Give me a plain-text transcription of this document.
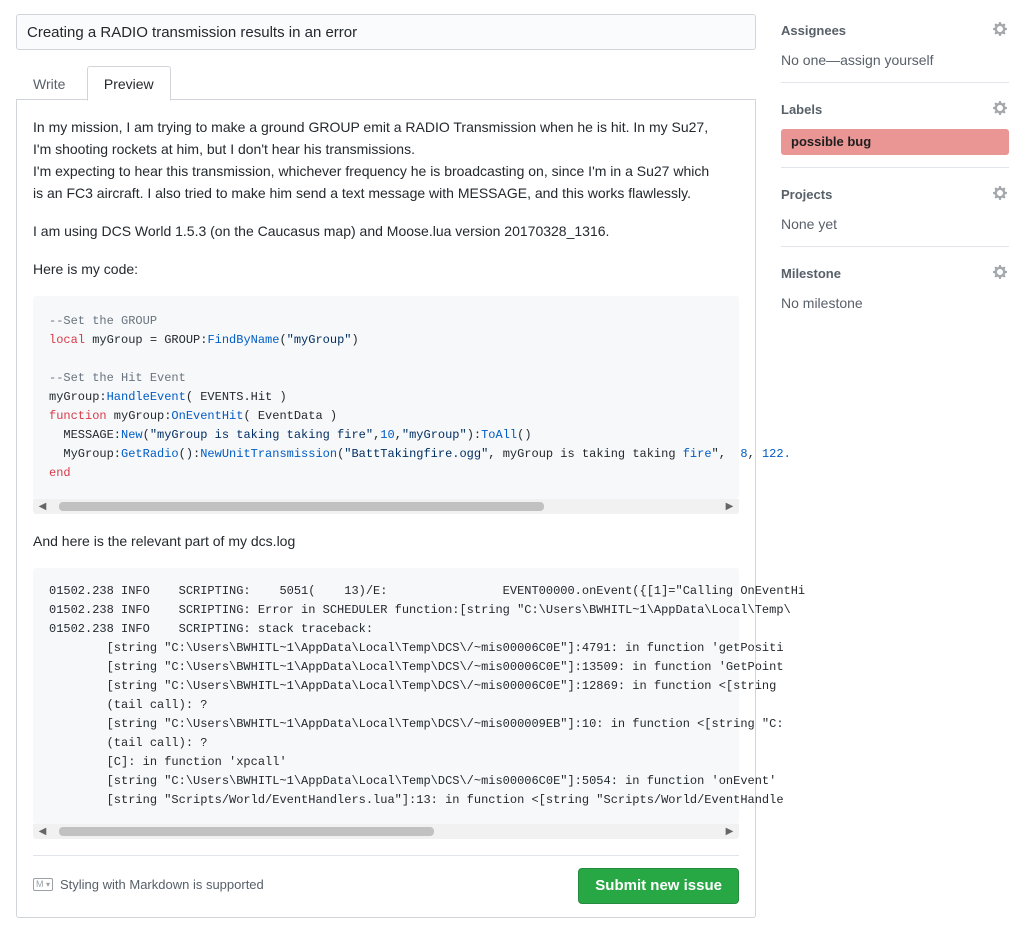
Creating a RADIO transmission results in an error
Write	Preview

In my mission, I am trying to make a ground GROUP emit a RADIO Transmission when he is hit. In my Su27,
I'm shooting rockets at him, but I don't hear his transmissions.
I'm expecting to hear this transmission, whichever frequency he is broadcasting on, since I'm in a Su27 which
is an FC3 aircraft. I also tried to make him send a text message with MESSAGE, and this works flawlessly.

I am using DCS World 1.5.3 (on the Caucasus map) and Moose.lua version 20170328_1316.

Here is my code:

--Set the GROUP
local myGroup = GROUP:FindByName("myGroup")

--Set the Hit Event
myGroup:HandleEvent( EVENTS.Hit )
function myGroup:OnEventHit( EventData )
MESSAGE:New("myGroup is taking taking fire",10,"myGroup"):ToAll()
MyGroup:GetRadio():NewUnitTransmission("BattTakingfire.ogg", myGroup is taking taking fire",  8, 122.
end
◀	▶

And here is the relevant part of my dcs.log

01502.238 INFO    SCRIPTING:    5051(    13)/E:                EVENT00000.onEvent({[1]="Calling OnEventHi
01502.238 INFO    SCRIPTING: Error in SCHEDULER function:[string "C:\Users\BWHITL~1\AppData\Local\Temp\
01502.238 INFO    SCRIPTING: stack traceback:
[string "C:\Users\BWHITL~1\AppData\Local\Temp\DCS\/~mis00006C0E"]:4791: in function 'getPositi
[string "C:\Users\BWHITL~1\AppData\Local\Temp\DCS\/~mis00006C0E"]:13509: in function 'GetPoint
[string "C:\Users\BWHITL~1\AppData\Local\Temp\DCS\/~mis00006C0E"]:12869: in function <[string
(tail call): ?
[string "C:\Users\BWHITL~1\AppData\Local\Temp\DCS\/~mis000009EB"]:10: in function <[string "C:
(tail call): ?
[C]: in function 'xpcall'
[string "C:\Users\BWHITL~1\AppData\Local\Temp\DCS\/~mis00006C0E"]:5054: in function 'onEvent'
[string "Scripts/World/EventHandlers.lua"]:13: in function <[string "Scripts/World/EventHandle
◀	▶
M ▾
Styling with Markdown is supported	Submit new issue
Assignees
No one—assign yourself
Labels
possible bug
Projects
None yet
Milestone
No milestone
